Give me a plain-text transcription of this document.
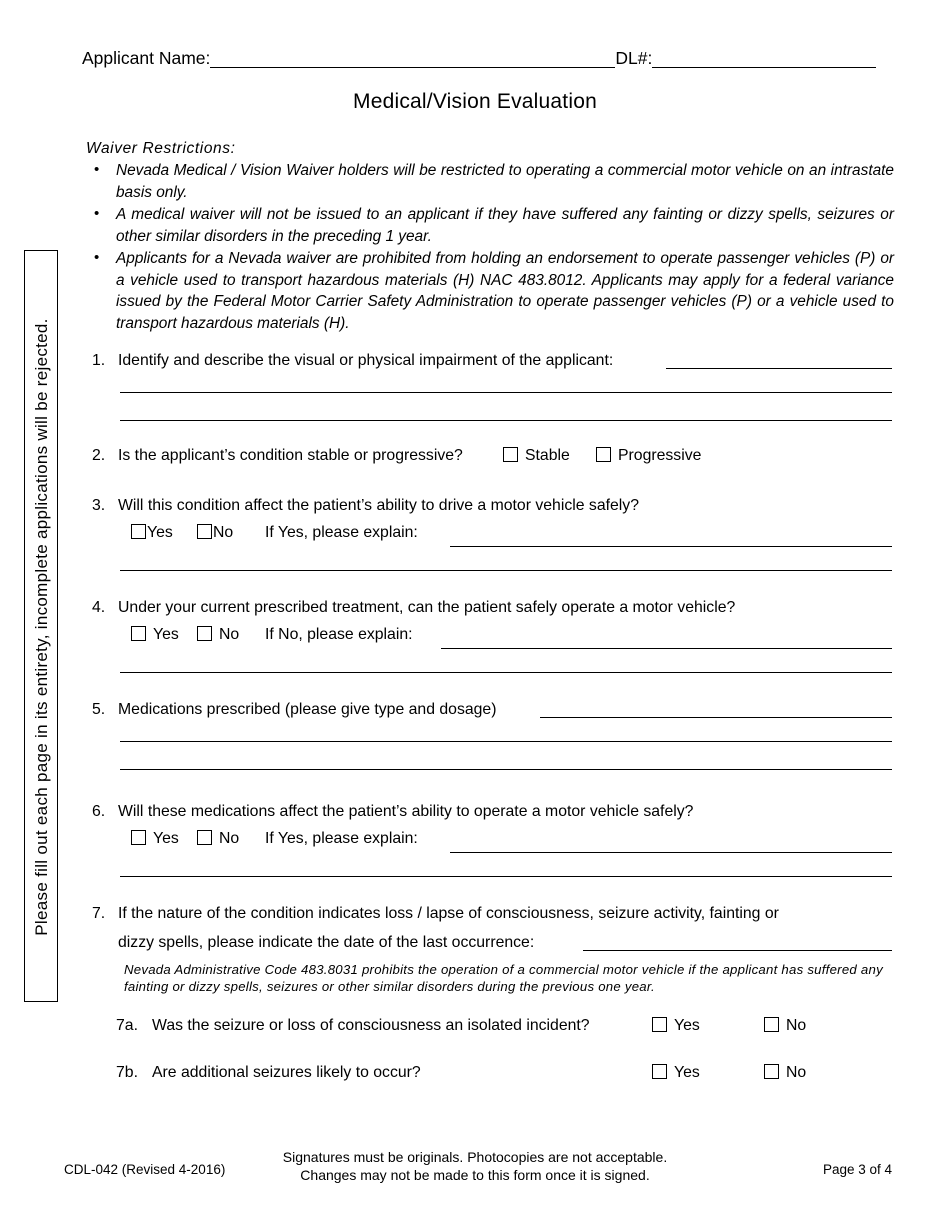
Applicant Name:	DL#:
Medical/Vision Evaluation
Please fill out each page in its entirety, incomplete applications will be rejected.
Waiver Restrictions:
• Nevada Medical / Vision Waiver holders will be restricted to operating a commercial motor vehicle on an intrastate basis only.
• A medical waiver will not be issued to an applicant if they have suffered any fainting or dizzy spells, seizures or other similar disorders in the preceding 1 year.
• Applicants for a Nevada waiver are prohibited from holding an endorsement to operate passenger vehicles (P) or a vehicle used to transport hazardous materials (H) NAC 483.8012. Applicants may apply for a federal variance issued by the Federal Motor Carrier Safety Administration to operate passenger vehicles (P) or a vehicle used to transport hazardous materials (H).
1. Identify and describe the visual or physical impairment of the applicant:
2. Is the applicant’s condition stable or progressive?	Stable	Progressive
3. Will this condition affect the patient’s ability to drive a motor vehicle safely?
Yes	No If Yes, please explain:
4. Under your current prescribed treatment, can the patient safely operate a motor vehicle?
Yes	No If No, please explain:
5. Medications prescribed (please give type and dosage)
6. Will these medications affect the patient’s ability to operate a motor vehicle safely?
Yes	No If Yes, please explain:
7. If the nature of the condition indicates loss / lapse of consciousness, seizure activity, fainting or
dizzy spells, please indicate the date of the last occurrence:
Nevada Administrative Code 483.8031 prohibits the operation of a commercial motor vehicle if the applicant has suffered any fainting or dizzy spells, seizures or other similar disorders during the previous one year.
7a. Was the seizure or loss of consciousness an isolated incident?	Yes	No
7b. Are additional seizures likely to occur?	Yes	No
Signatures must be originals. Photocopies are not acceptable.
Changes may not be made to this form once it is signed.
CDL-042 (Revised 4-2016)	Page 3 of 4
